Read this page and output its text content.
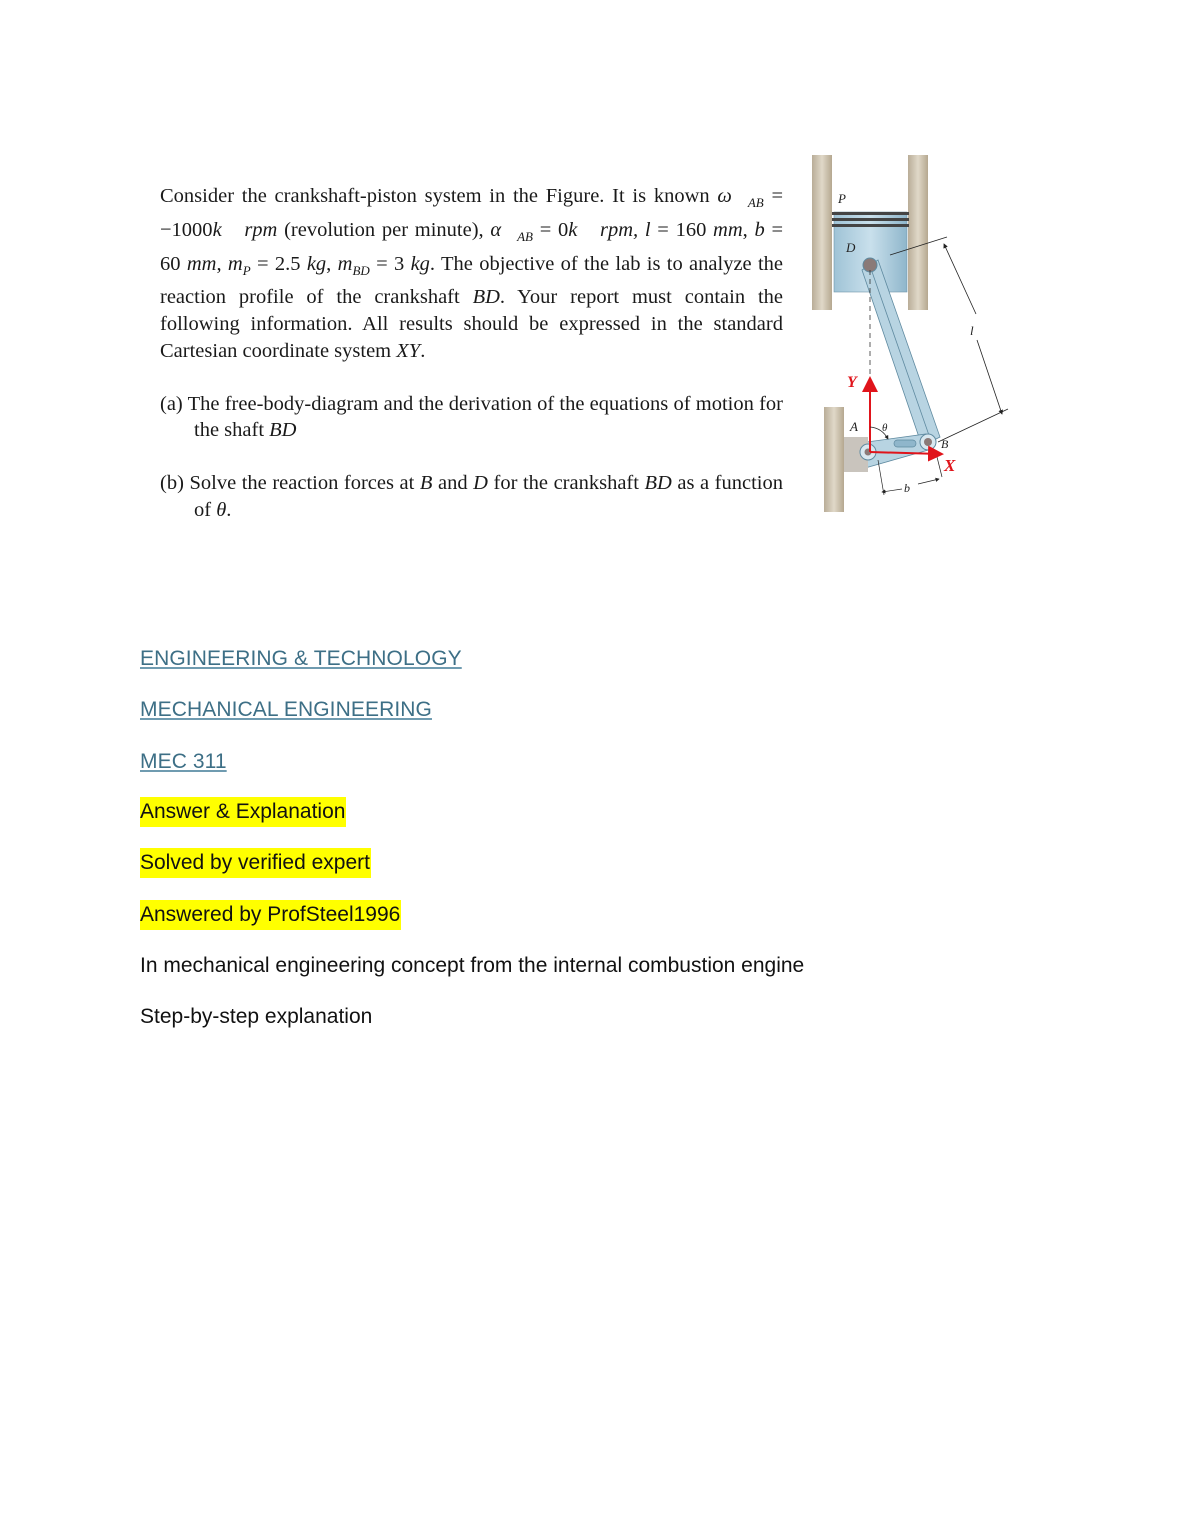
Consider the crankshaft-piston system in the Figure. It is known $\omega⃗_{AB}$ = −1000k⃗ rpm (revolution per minute), $\alpha⃗_{AB}$ = 0k⃗ rpm, l = 160 mm, b = 60 mm, $m_P = 2.5$ kg, $m_{BD} = 3$ kg. The objective of the lab is to analyze the reaction profile of the crankshaft BD. Your report must contain the following information. All results should be expressed in the standard Cartesian coordinate system XY.

(a) The free-body-diagram and the derivation of the equations of motion for the shaft BD

(b) Solve the reaction forces at B and D for the crankshaft BD as a function of θ.

l
b
Y
X
A θ
B
P
D
ENGINEERING & TECHNOLOGY
MECHANICAL ENGINEERING
MEC 311
Answer & Explanation
Solved by verified expert
Answered by ProfSteel1996
In mechanical engineering concept from the internal combustion engine
Step-by-step explanation
